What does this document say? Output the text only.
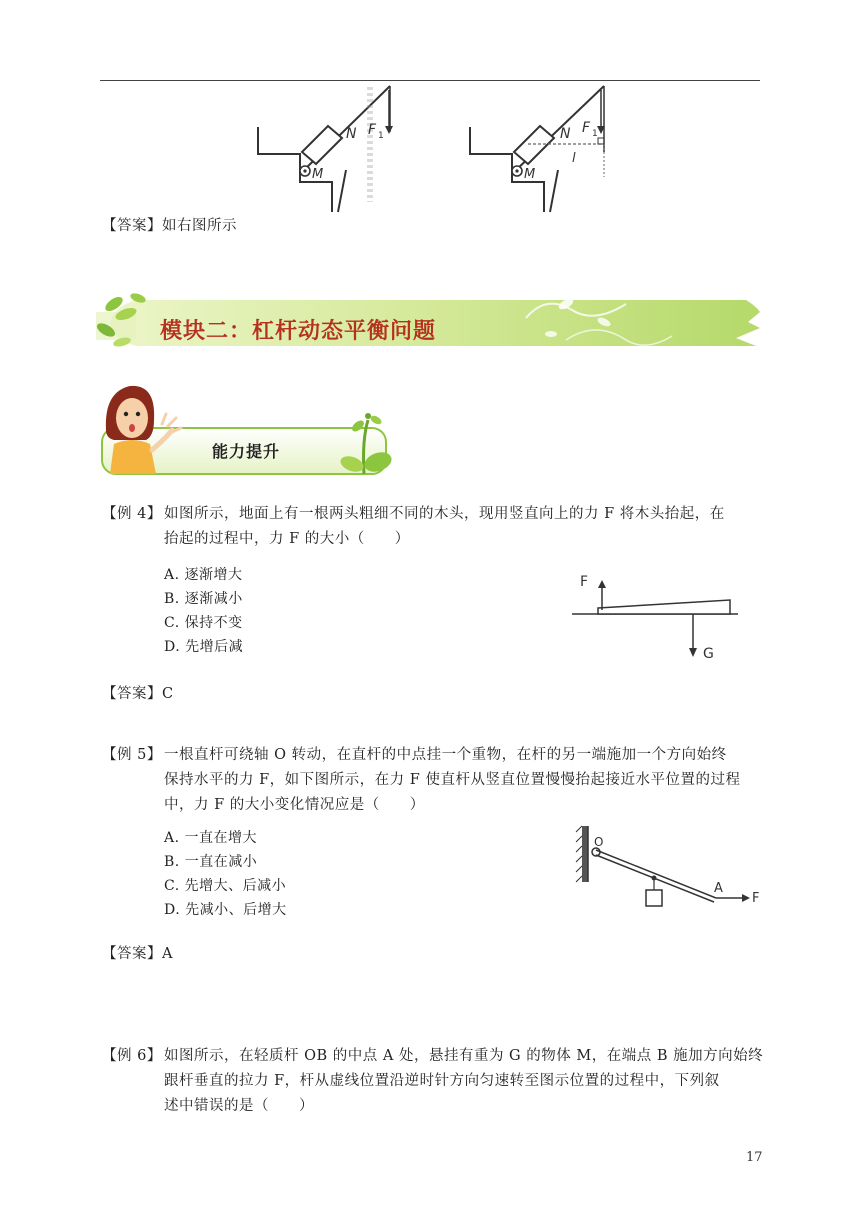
F 1
N
M
F 1
N
M
l
【答案】如右图所示
模块二：杠杆动态平衡问题
能力提升
【例 4】 如图所示，地面上有一根两头粗细不同的木头，现用竖直向上的力 F 将木头抬起，在
抬起的过程中，力 F 的大小（　　）
A. 逐渐增大
B. 逐渐减小
C. 保持不变
D. 先增后减
F
G
【答案】C
【例 5】 一根直杆可绕轴 O 转动，在直杆的中点挂一个重物，在杆的另一端施加一个方向始终
保持水平的力 F，如下图所示，在力 F 使直杆从竖直位置慢慢抬起接近水平位置的过程
中，力 F 的大小变化情况应是（　　）
A. 一直在增大
B. 一直在减小
C. 先增大、后减小
D. 先减小、后增大
O
A
F
【答案】A
【例 6】 如图所示，在轻质杆 OB 的中点 A 处，悬挂有重为 G 的物体 M，在端点 B 施加方向始终
跟杆垂直的拉力 F，杆从虚线位置沿逆时针方向匀速转至图示位置的过程中，下列叙
述中错误的是（　　）
17
